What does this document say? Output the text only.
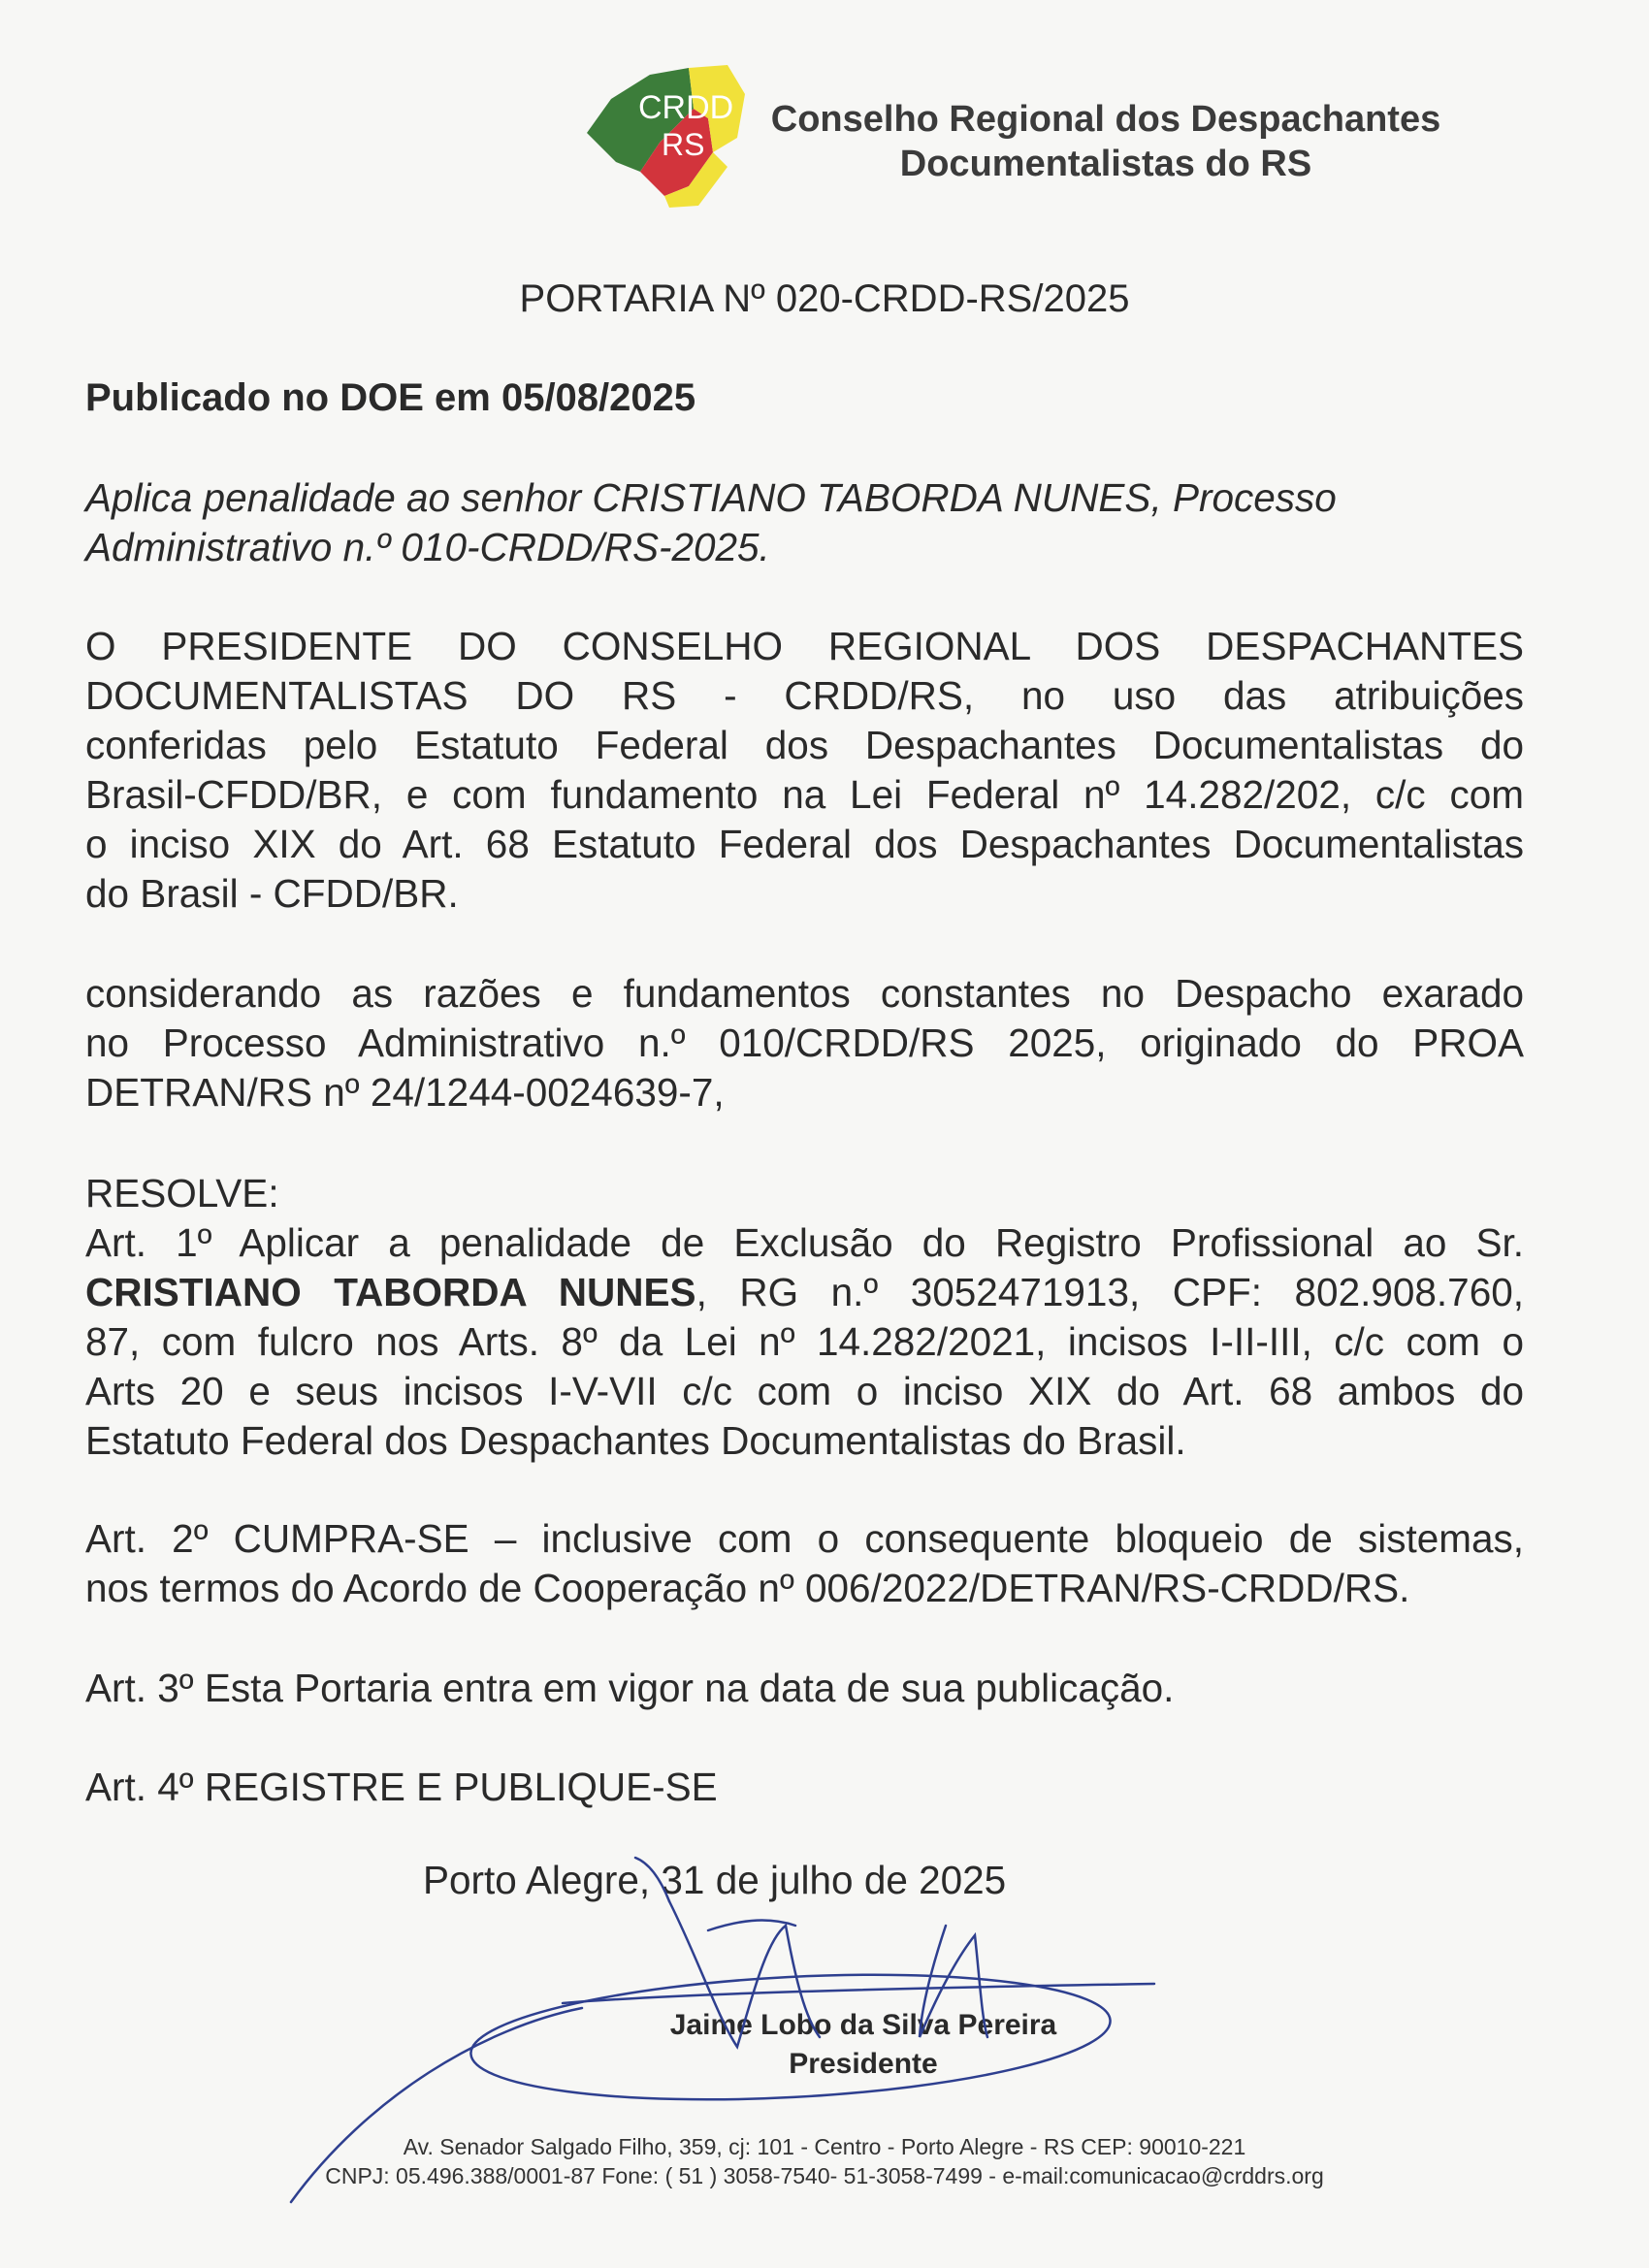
CRDD
RS
Conselho Regional dos Despachantes
Documentalistas do RS
PORTARIA Nº 020-CRDD-RS/2025
Publicado no DOE em 05/08/2025
Aplica penalidade ao senhor CRISTIANO TABORDA NUNES, Processo
Administrativo n.º 010-CRDD/RS-2025.
O PRESIDENTE DO CONSELHO REGIONAL DOS DESPACHANTES
DOCUMENTALISTAS DO RS - CRDD/RS, no uso das atribuições
conferidas pelo Estatuto Federal dos Despachantes Documentalistas do
Brasil-CFDD/BR, e com fundamento na Lei Federal nº 14.282/202, c/c com
o inciso XIX do Art. 68 Estatuto Federal dos Despachantes Documentalistas
do Brasil - CFDD/BR.
considerando as razões e fundamentos constantes no Despacho exarado
no Processo Administrativo n.º 010/CRDD/RS 2025, originado do PROA
DETRAN/RS nº 24/1244-0024639-7,
RESOLVE:
Art. 1º Aplicar a penalidade de Exclusão do Registro Profissional ao Sr.
CRISTIANO TABORDA NUNES, RG n.º 3052471913, CPF: 802.908.760,
87, com fulcro nos Arts. 8º da Lei nº 14.282/2021, incisos I-II-III, c/c com o
Arts 20 e seus incisos I-V-VII c/c com o inciso XIX do Art. 68 ambos do
Estatuto Federal dos Despachantes Documentalistas do Brasil.
Art. 2º CUMPRA-SE – inclusive com o consequente bloqueio de sistemas,
nos termos do Acordo de Cooperação nº 006/2022/DETRAN/RS-CRDD/RS.
Art. 3º Esta Portaria entra em vigor na data de sua publicação.
Art. 4º REGISTRE E PUBLIQUE-SE
Porto Alegre, 31 de julho de 2025
Jaime Lobo da Silva Pereira
Presidente
Av. Senador Salgado Filho, 359, cj: 101 - Centro - Porto Alegre - RS CEP: 90010-221
CNPJ: 05.496.388/0001-87 Fone: ( 51 ) 3058-7540- 51-3058-7499 - e-mail:comunicacao@crddrs.org
